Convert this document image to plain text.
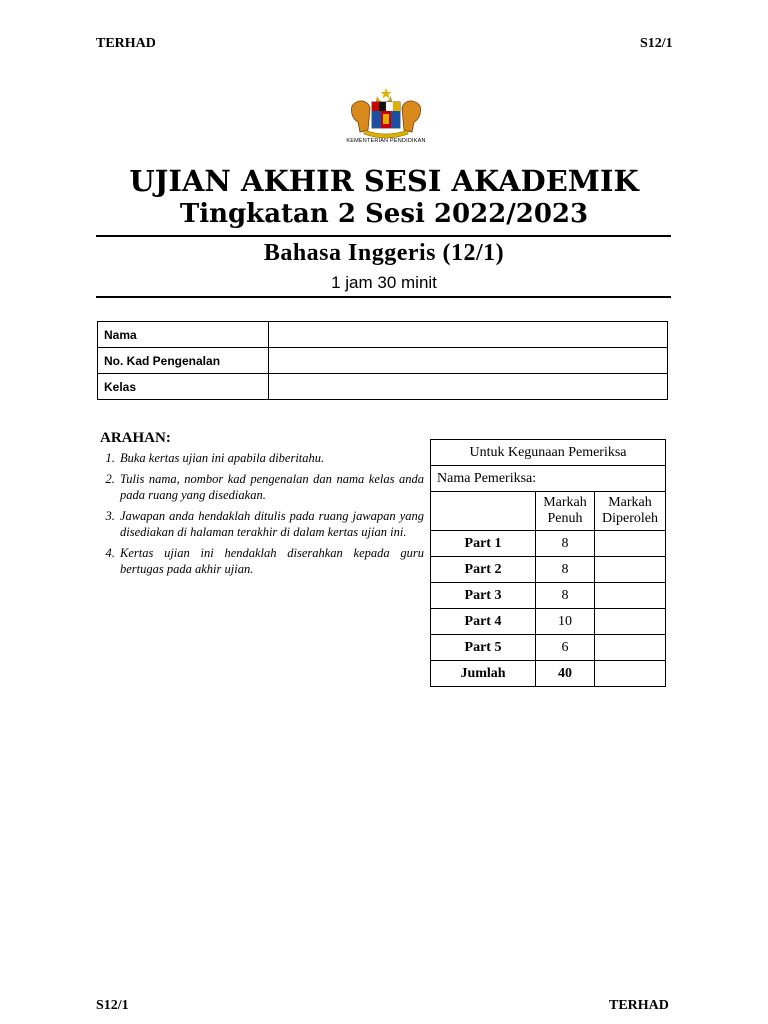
TERHAD	S12/1
KEMENTERIAN PENDIDIKAN
UJIAN AKHIR SESI AKADEMIK
Tingkatan 2 Sesi 2022/2023
Bahasa Inggeris (12/1)
1 jam 30 minit
Nama	
No. Kad Pengenalan	
Kelas	
ARAHAN:
1. Buka kertas ujian ini apabila diberitahu.
2. Tulis nama, nombor kad pengenalan dan nama kelas anda pada ruang yang disediakan.
3. Jawapan anda hendaklah ditulis pada ruang jawapan yang disediakan di halaman terakhir di dalam kertas ujian ini.
4. Kertas ujian ini hendaklah diserahkan kepada guru bertugas pada akhir ujian.
Untuk Kegunaan Pemeriksa		
Nama Pemeriksa:		
	Markah Penuh	Markah Diperoleh
Part 1	8	
Part 2	8	
Part 3	8	
Part 4	10	
Part 5	6	
Jumlah	40	
S12/1	TERHAD
